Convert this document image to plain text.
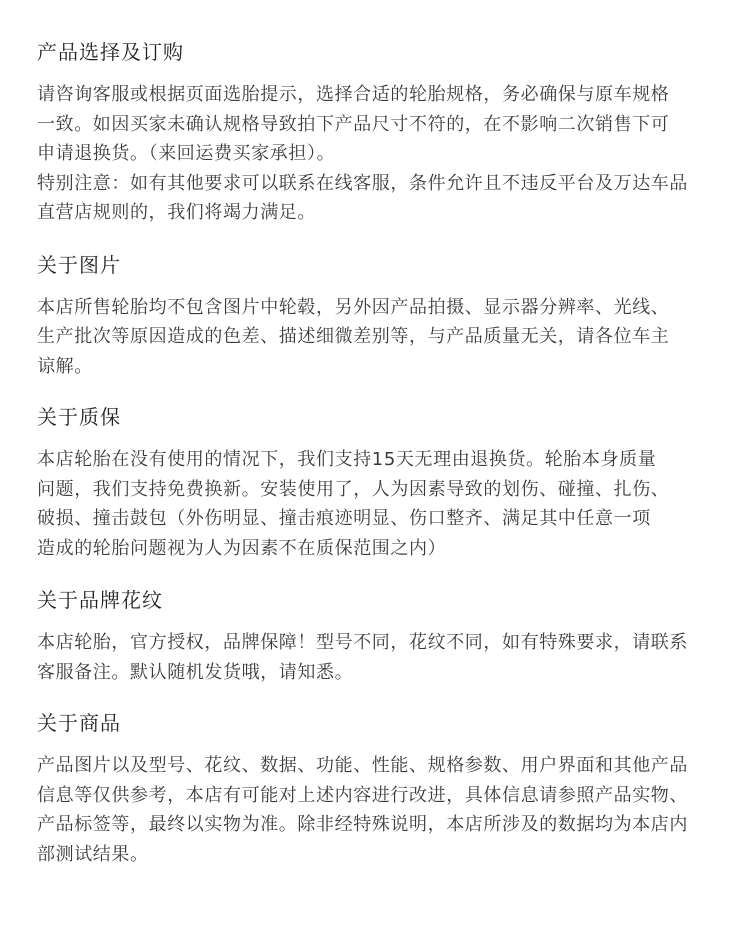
产品选择及订购

请咨询客服或根据页面选胎提示，选择合适的轮胎规格，务必确保与原车规格
一致。如因买家未确认规格导致拍下产品尺寸不符的，在不影响二次销售下可
申请退换货。（来回运费买家承担）。
特别注意：如有其他要求可以联系在线客服，条件允许且不违反平台及万达车品
直营店规则的，我们将竭力满足。

关于图片

本店所售轮胎均不包含图片中轮毂，另外因产品拍摄、显示器分辨率、光线、
生产批次等原因造成的色差、描述细微差别等，与产品质量无关，请各位车主
谅解。

关于质保

本店轮胎在没有使用的情况下，我们支持15天无理由退换货。轮胎本身质量
问题，我们支持免费换新。安装使用了，人为因素导致的划伤、碰撞、扎伤、
破损、撞击鼓包（外伤明显、撞击痕迹明显、伤口整齐、满足其中任意一项
造成的轮胎问题视为人为因素不在质保范围之内）

关于品牌花纹

本店轮胎，官方授权，品牌保障！型号不同，花纹不同，如有特殊要求，请联系
客服备注。默认随机发货哦，请知悉。

关于商品

产品图片以及型号、花纹、数据、功能、性能、规格参数、用户界面和其他产品
信息等仅供参考，本店有可能对上述内容进行改进，具体信息请参照产品实物、
产品标签等，最终以实物为准。除非经特殊说明，本店所涉及的数据均为本店内
部测试结果。
